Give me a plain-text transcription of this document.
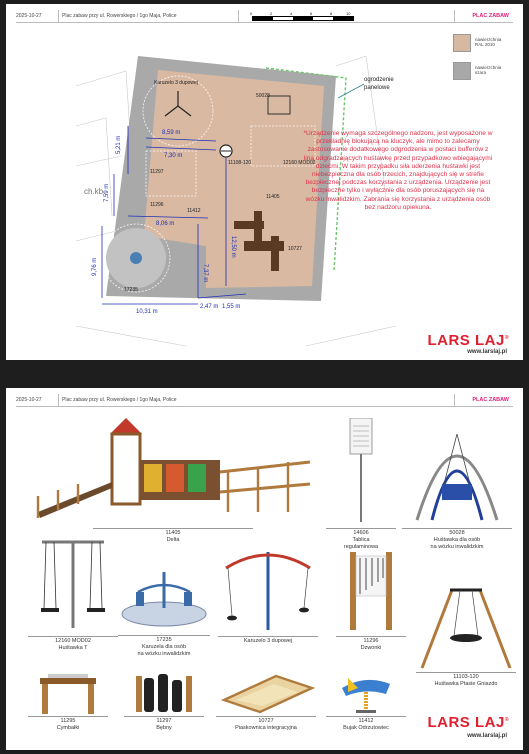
2025-10-27	Plac zabaw przy ul. Rowerskiego / 1go Maja, Police	PLAC ZABAW
0	2	4	6	8	10 m
nawierzchnia
RAL 2010
nawierzchnia
szara
ch.kb.
Karuzelo 3 dupowej
50028
11108-120	12160 MOD02
11297
11296
11412
11405
10727
17235
8,59 m
7,30 m
5,21 m
7,59 m
8,06 m
12,50 m
7,37 m
9,76 m
10,31 m
2,47 m 1,55 m
ogrodzenie
panelowe
*Urządzenie wymaga szczególnego nadzoru, jest wyposażone w przekładnię blokującą na kluczyk, ale mimo to zalecamy zastosowanie dodatkowego odgrodzenia w postaci bufferów z liną odgradzających huśtawkę przed przypadkowo wbiegającymi dziećmi. W takim przypadku siła uderzenia huśtawki jest niebezpieczna dla osób trzecich, znajdujących się w strefie bezpiecznej podczas korzystania z urządzenia. Urządzenie jest bezpieczne tylko i wyłącznie dla osób poruszających się na wózku inwalidzkim. Zabrania się korzystania z urządzenia osób bez nadzoru opiekuna.
LARS LAJ®
www.larslaj.pl
2025-10-27	Plac zabaw przy ul. Rowerskiego / 1go Maja, Police	PLAC ZABAW
11405
Delta
14606
Tablica
regulaminowa
50028
Huśtawka dla osób
na wózku inwalidzkim
12160 MOD02
Huśtawka T
17235
Karuzela dla osób
na wózku inwalidzkim
Karuzelo 3 dupowej	11296
Dzwonki
11103-120
Huśtawka Ptasie Gniazdo
11295
Cymbałki
11297
Bębny
10727
Piaskownica integracyjna
11412
Bujak Odrzutowiec	LARS LAJ®
www.larslaj.pl
